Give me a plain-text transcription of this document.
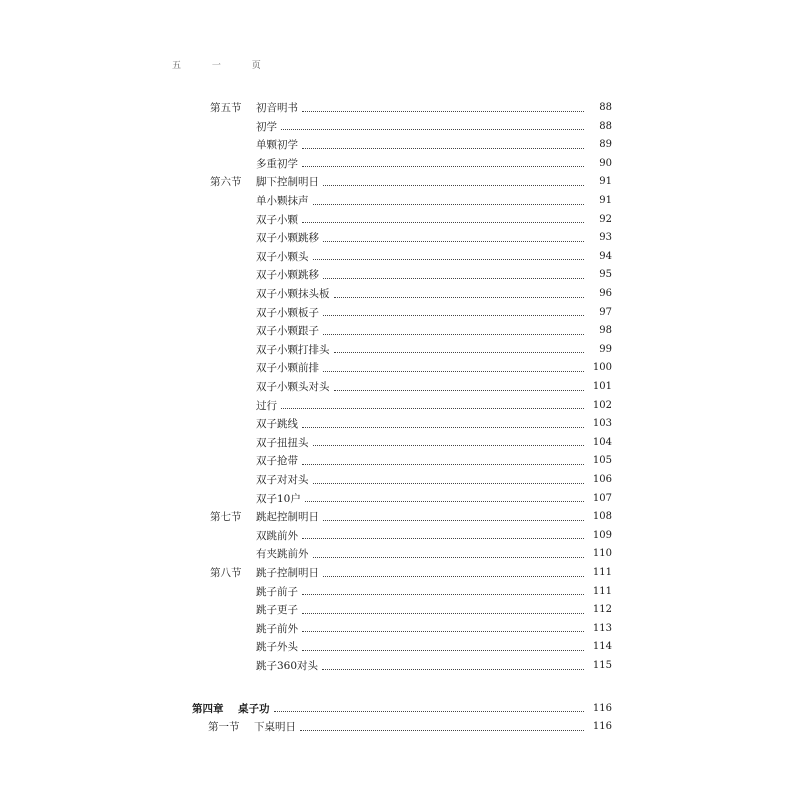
五 一 页
第五节 初音明书	88
初学	88
单颗初学	89
多重初学	90
第六节 脚下控制明日	91
单小颗抹声	91
双子小颗	92
双子小颗跳移	93
双子小颗头	94
双子小颗跳移	95
双子小颗抹头板	96
双子小颗板子	97
双子小颗跟子	98
双子小颗打排头	99
双子小颗前排	100
双子小颗头对头	101
过行	102
双子跳线	103
双子扭扭头	104
双子抢带	105
双子对对头	106
双子10户	107
第七节 跳起控制明日	108
双跳前外	109
有夹跳前外	110
第八节 跳子控制明日	111
跳子前子	111
跳子更子	112
跳子前外	113
跳子外头	114
跳子360对头	115
第四章 桌子功	116
第一节 下桌明日	116
